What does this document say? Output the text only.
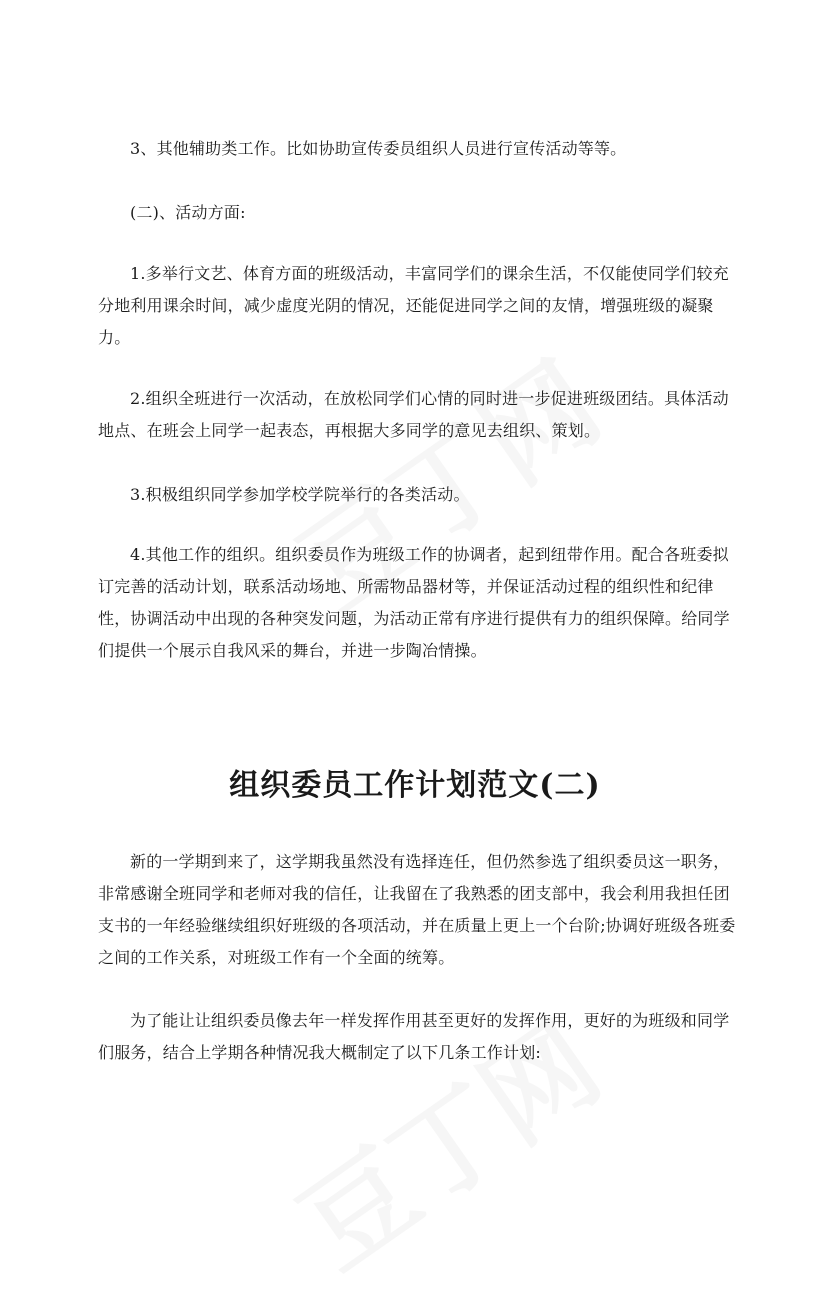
3、其他辅助类工作。比如协助宣传委员组织人员进行宣传活动等等。

(二)、活动方面:

1.多举行文艺、体育方面的班级活动，丰富同学们的课余生活，不仅能使同学们较充分地利用课余时间，减少虚度光阴的情况，还能促进同学之间的友情，增强班级的凝聚力。

2.组织全班进行一次活动，在放松同学们心情的同时进一步促进班级团结。具体活动地点、在班会上同学一起表态，再根据大多同学的意见去组织、策划。

3.积极组织同学参加学校学院举行的各类活动。

4.其他工作的组织。组织委员作为班级工作的协调者，起到纽带作用。配合各班委拟订完善的活动计划，联系活动场地、所需物品器材等，并保证活动过程的组织性和纪律性，协调活动中出现的各种突发问题，为活动正常有序进行提供有力的组织保障。给同学们提供一个展示自我风采的舞台，并进一步陶冶情操。

组织委员工作计划范文(二)

新的一学期到来了，这学期我虽然没有选择连任，但仍然参选了组织委员这一职务，非常感谢全班同学和老师对我的信任，让我留在了我熟悉的团支部中，我会利用我担任团支书的一年经验继续组织好班级的各项活动，并在质量上更上一个台阶;协调好班级各班委之间的工作关系，对班级工作有一个全面的统筹。

为了能让让组织委员像去年一样发挥作用甚至更好的发挥作用，更好的为班级和同学们服务，结合上学期各种情况我大概制定了以下几条工作计划:
